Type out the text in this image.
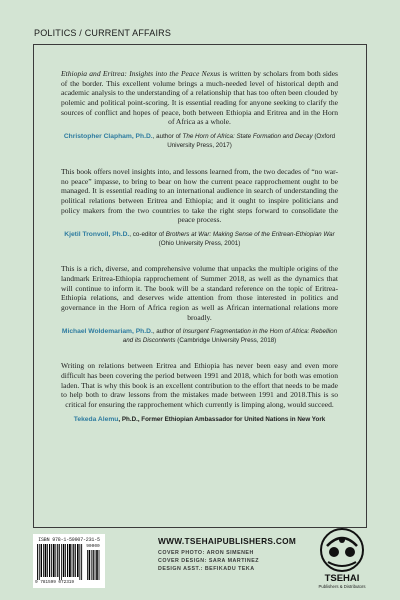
POLITICS / CURRENT AFFAIRS

Ethiopia and Eritrea: Insights into the Peace Nexus is written by scholars from both sides of the border. This excellent volume brings a much-needed level of historical depth and academic analysis to the understanding of a relationship that has too often been clouded by polemic and political point-scoring. It is essential reading for anyone seeking to clarify the sources of conflict and hopes of peace, both between Ethiopia and Eritrea and in the Horn of Africa as a whole.

Christopher Clapham, Ph.D., author of The Horn of Africa: State Formation and Decay (Oxford University Press, 2017)

This book offers novel insights into, and lessons learned from, the two decades of “no war-no peace” impasse, to bring to bear on how the current peace rapprochement ought to be managed. It is essential reading to an international audience in search of understanding the political relations between Eritrea and Ethiopia; and it ought to inspire politicians and policy makers from the two countries to take the right steps forward to consolidate the peace process.

Kjetil Tronvoll, Ph.D., co-editor of Brothers at War: Making Sense of the Eritrean-Ethiopian War (Ohio University Press, 2001)

This is a rich, diverse, and comprehensive volume that unpacks the multiple origins of the landmark Eritrea-Ethiopia rapprochement of Summer 2018, as well as the dynamics that will continue to inform it. The book will be a standard reference on the topic of Eritrea-Ethiopia relations, and deserves wide attention from those interested in politics and governance in the Horn of Africa region as well as African international relations more broadly.

Michael Woldemariam, Ph.D., author of Insurgent Fragmentation in the Horn of Africa: Rebellion and its Discontents (Cambridge University Press, 2018)

Writing on relations between Eritrea and Ethiopia has never been easy and even more difficult has been covering the period between 1991 and 2018, which for both was emotion laden. That is why this book is an excellent contribution to the effort that needs to be made to help both to draw lessons from the mistakes made between 1991 and 2018.This is so critical for ensuring the rapprochement which currently is limping along, would succeed.

Tekeda Alemu, Ph.D., Former Ethiopian Ambassador for United Nations in New York

ISBN 978-1-59907-231-5
90000
9 781599 072319
WWW.TSEHAIPUBLISHERS.COM
COVER PHOTO: ARON SIMENEH
COVER DESIGN: SARA MARTINEZ
DESIGN ASST.: BEFIKADU TEKA
TSEHAI
Publishers & Distributors
